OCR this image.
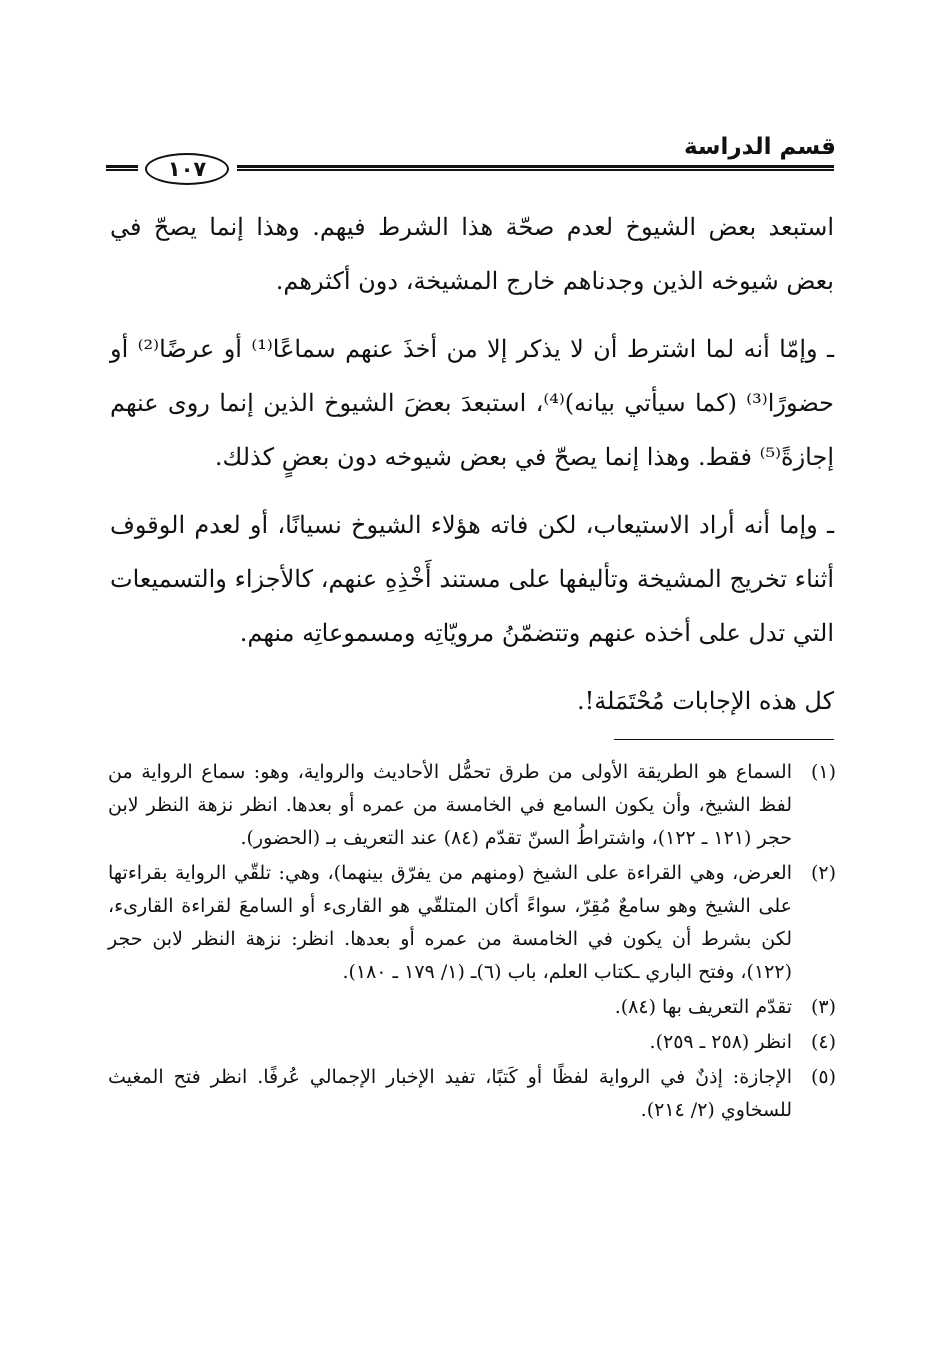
قسم الدراسة
١٠٧

استبعد بعض الشيوخ لعدم صحّة هذا الشرط فيهم. وهذا إنما يصحّ في بعض شيوخه الذين وجدناهم خارج المشيخة، دون أكثرهم.

ـ وإمّا أنه لما اشترط أن لا يذكر إلا من أخذَ عنهم سماعًا⁽¹⁾ أو عرضًا⁽²⁾ أو حضورًا⁽³⁾ (كما سيأتي بيانه)⁽⁴⁾، استبعدَ بعضَ الشيوخ الذين إنما روى عنهم إجازةً⁽⁵⁾ فقط. وهذا إنما يصحّ في بعض شيوخه دون بعضٍ كذلك.

ـ وإما أنه أراد الاستيعاب، لكن فاته هؤلاء الشيوخ نسيانًا، أو لعدم الوقوف أثناء تخريج المشيخة وتأليفها على مستند أَخْذِهِ عنهم، كالأجزاء والتسميعات التي تدل على أخذه عنهم وتتضمّنُ مرويّاتِه ومسموعاتِه منهم.

كل هذه الإجابات مُحْتَمَلة!.

(١)
السماع هو الطريقة الأولى من طرق تحمُّل الأحاديث والرواية، وهو: سماع الرواية من لفظ الشيخ، وأن يكون السامع في الخامسة من عمره أو بعدها. انظر نزهة النظر لابن حجر (١٢١ ـ ١٢٢)، واشتراطُ السنّ تقدّم (٨٤) عند التعريف بـ (الحضور).
(٢)
العرض، وهي القراءة على الشيخ (ومنهم من يفرّق بينهما)، وهي: تلقّي الرواية بقراءتها على الشيخ وهو سامعٌ مُقِرّ، سواءً أكان المتلقّي هو القارىء أو السامعَ لقراءة القارىء، لكن بشرط أن يكون في الخامسة من عمره أو بعدها. انظر: نزهة النظر لابن حجر (١٢٢)، وفتح الباري ـكتاب العلم، باب (٦)ـ (١/ ١٧٩ ـ ١٨٠).
(٣)
تقدّم التعريف بها (٨٤).
(٤)
انظر (٢٥٨ ـ ٢٥٩).
(٥)
الإجازة: إذنٌ في الرواية لفظًا أو كَتبًا، تفيد الإخبار الإجمالي عُرفًا. انظر فتح المغيث للسخاوي (٢/ ٢١٤).
